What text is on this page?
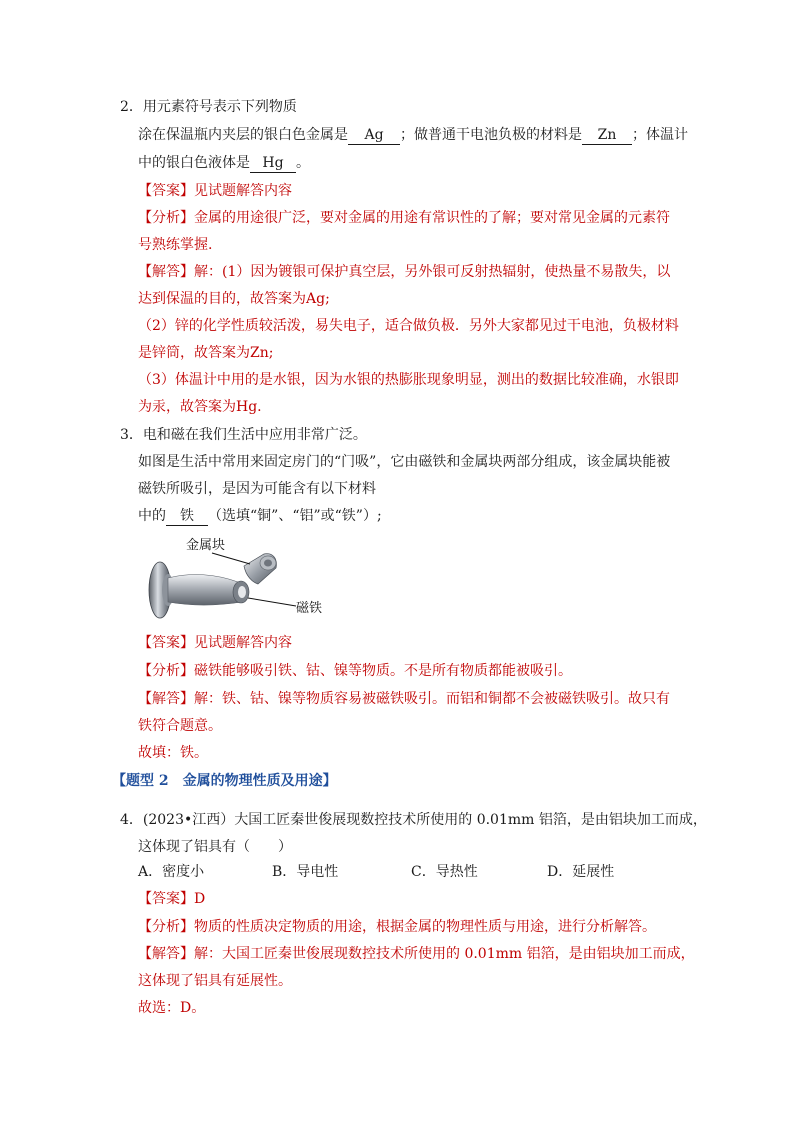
2．用元素符号表示下列物质
涂在保温瓶内夹层的银白色金属是 Ag ；做普通干电池负极的材料是 Zn ；体温计
中的银白色液体是 Hg 。
【答案】见试题解答内容
【分析】金属的用途很广泛，要对金属的用途有常识性的了解；要对常见金属的元素符
号熟练掌握.
【解答】解：(1）因为镀银可保护真空层，另外银可反射热辐射，使热量不易散失，以
达到保温的目的，故答案为Ag;
（2）锌的化学性质较活泼，易失电子，适合做负极．另外大家都见过干电池，负极材料
是锌筒，故答案为Zn;
（3）体温计中用的是水银，因为水银的热膨胀现象明显，测出的数据比较准确，水银即
为汞，故答案为Hg.
3．电和磁在我们生活中应用非常广泛。
如图是生活中常用来固定房门的“门吸”，它由磁铁和金属块两部分组成，该金属块能被
磁铁所吸引，是因为可能含有以下材料
中的 铁 （选填“铜”、“铝”或“铁”）;
金属块
磁铁
【答案】见试题解答内容
【分析】磁铁能够吸引铁、钴、镍等物质。不是所有物质都能被吸引。
【解答】解：铁、钴、镍等物质容易被磁铁吸引。而铝和铜都不会被磁铁吸引。故只有
铁符合题意。
故填：铁。
【题型 2　金属的物理性质及用途】
4．(2023•江西）大国工匠秦世俊展现数控技术所使用的 0.01mm 铝箔，是由铝块加工而成，
这体现了铝具有（　　）
A．密度小	B．导电性	C．导热性	D．延展性
【答案】D
【分析】物质的性质决定物质的用途，根据金属的物理性质与用途，进行分析解答。
【解答】解：大国工匠秦世俊展现数控技术所使用的 0.01mm 铝箔，是由铝块加工而成，
这体现了铝具有延展性。
故选：D。
